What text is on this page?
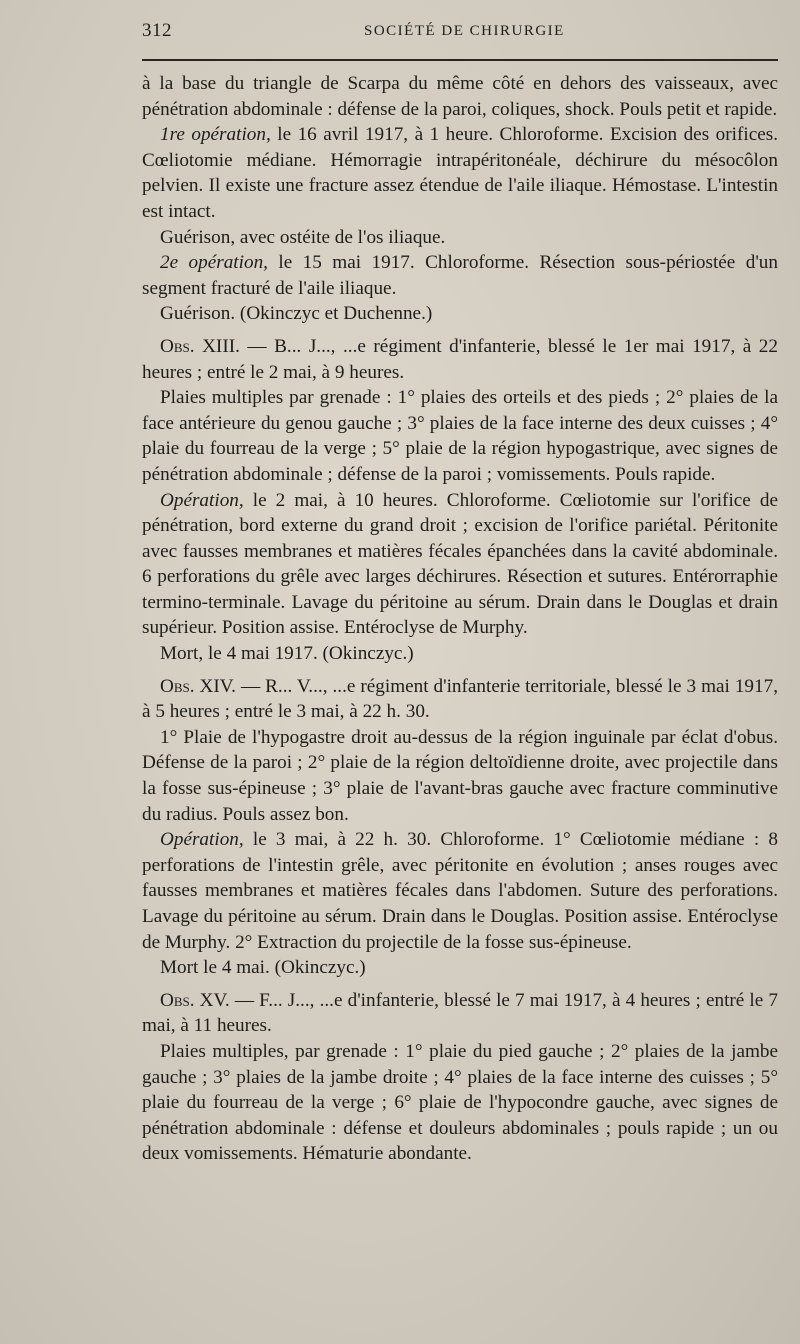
312	SOCIÉTÉ DE CHIRURGIE

à la base du triangle de Scarpa du même côté en dehors des vaisseaux, avec pénétration abdominale : défense de la paroi, coliques, shock. Pouls petit et rapide.

1re opération, le 16 avril 1917, à 1 heure. Chloroforme. Excision des orifices. Cœliotomie médiane. Hémorragie intrapéritonéale, déchirure du mésocôlon pelvien. Il existe une fracture assez étendue de l'aile iliaque. Hémostase. L'intestin est intact.

Guérison, avec ostéite de l'os iliaque.

2e opération, le 15 mai 1917. Chloroforme. Résection sous-périostée d'un segment fracturé de l'aile iliaque.

Guérison. (Okinczyc et Duchenne.)

Obs. XIII. — B... J..., ...e régiment d'infanterie, blessé le 1er mai 1917, à 22 heures ; entré le 2 mai, à 9 heures.

Plaies multiples par grenade : 1° plaies des orteils et des pieds ; 2° plaies de la face antérieure du genou gauche ; 3° plaies de la face interne des deux cuisses ; 4° plaie du fourreau de la verge ; 5° plaie de la région hypogastrique, avec signes de pénétration abdominale ; défense de la paroi ; vomissements. Pouls rapide.

Opération, le 2 mai, à 10 heures. Chloroforme. Cœliotomie sur l'orifice de pénétration, bord externe du grand droit ; excision de l'orifice pariétal. Péritonite avec fausses membranes et matières fécales épanchées dans la cavité abdominale. 6 perforations du grêle avec larges déchirures. Résection et sutures. Entérorraphie termino-terminale. Lavage du péritoine au sérum. Drain dans le Douglas et drain supérieur. Position assise. Entéroclyse de Murphy.

Mort, le 4 mai 1917. (Okinczyc.)

Obs. XIV. — R... V..., ...e régiment d'infanterie territoriale, blessé le 3 mai 1917, à 5 heures ; entré le 3 mai, à 22 h. 30.

1° Plaie de l'hypogastre droit au-dessus de la région inguinale par éclat d'obus. Défense de la paroi ; 2° plaie de la région deltoïdienne droite, avec projectile dans la fosse sus-épineuse ; 3° plaie de l'avant-bras gauche avec fracture comminutive du radius. Pouls assez bon.

Opération, le 3 mai, à 22 h. 30. Chloroforme. 1° Cœliotomie médiane : 8 perforations de l'intestin grêle, avec péritonite en évolution ; anses rouges avec fausses membranes et matières fécales dans l'abdomen. Suture des perforations. Lavage du péritoine au sérum. Drain dans le Douglas. Position assise. Entéroclyse de Murphy. 2° Extraction du projectile de la fosse sus-épineuse.

Mort le 4 mai. (Okinczyc.)

Obs. XV. — F... J..., ...e d'infanterie, blessé le 7 mai 1917, à 4 heures ; entré le 7 mai, à 11 heures.

Plaies multiples, par grenade : 1° plaie du pied gauche ; 2° plaies de la jambe gauche ; 3° plaies de la jambe droite ; 4° plaies de la face interne des cuisses ; 5° plaie du fourreau de la verge ; 6° plaie de l'hypocondre gauche, avec signes de pénétration abdominale : défense et douleurs abdominales ; pouls rapide ; un ou deux vomissements. Hématurie abondante.
